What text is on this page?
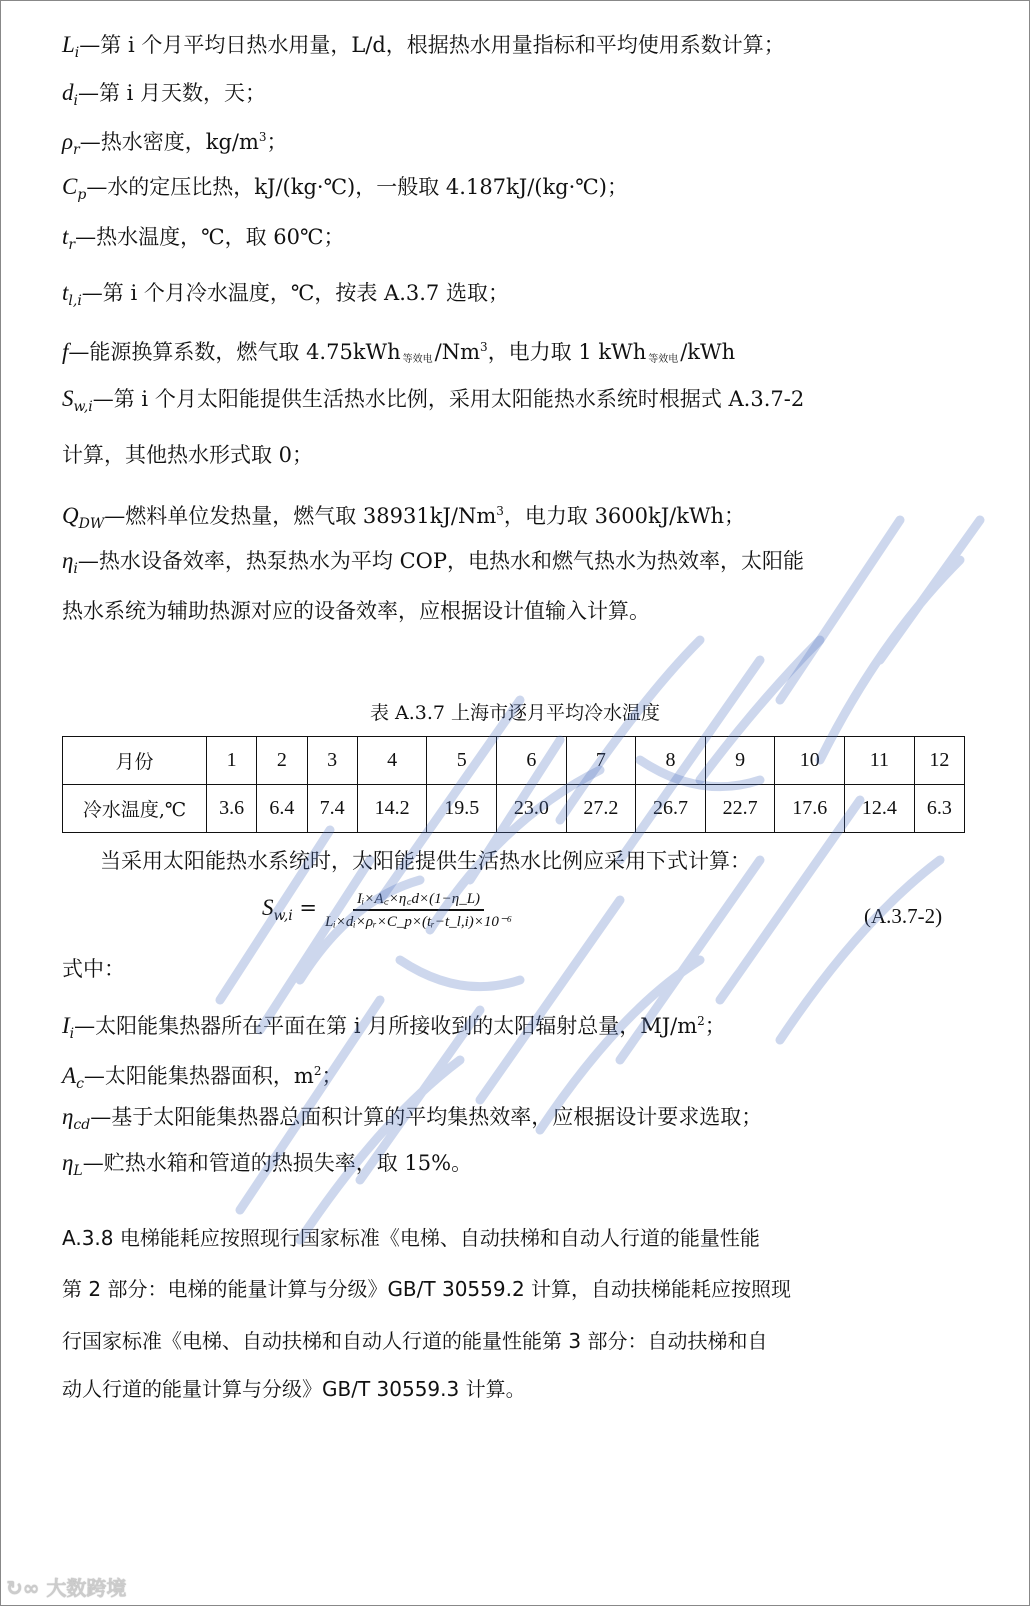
$L_i—$第 i 个月平均日热水用量，L/d，根据热水用量指标和平均使用系数计算；
$d_i—$第 i 月天数，天；
$\rho_r—$热水密度，$kg/m^3$；
$C_p—$水的定压比热，kJ/(kg·℃)，一般取 4.187kJ/(kg·℃)；
$t_r—$热水温度，℃，取 60℃；
$t_{l,i}—$第 i 个月冷水温度，℃，按表 A.3.7 选取；
f—能源换算系数，燃气取 4.75kWh 等效电/Nm$^3$，电力取 1 kWh 等效电/kWh
$S_{w,i}—$第 i 个月太阳能提供生活热水比例，采用太阳能热水系统时根据式 A.3.7-2
计算，其他热水形式取 0；
$Q_{DW}—$燃料单位发热量，燃气取 38931kJ/Nm$^3$，电力取 3600kJ/kWh；
$\eta_i—$热水设备效率，热泵热水为平均 COP，电热水和燃气热水为热效率，太阳能
热水系统为辅助热源对应的设备效率，应根据设计值输入计算。
表 A.3.7 上海市逐月平均冷水温度
月份	1	2	3	4	5	6	7	8	9	10	11	12
冷水温度,℃	3.6	6.4	7.4	14.2	19.5	23.0	27.2	26.7	22.7	17.6	12.4	6.3
当采用太阳能热水系统时，太阳能提供生活热水比例应采用下式计算：
$S_{w,i} = \frac{\text{Iᵢ×A꜀×η꜀d×(1−η\_L)}}{\text{Lᵢ×dᵢ×ρᵣ×C\_p×(tᵣ−t\_l,i)×10⁻⁶}}$	(A.3.7-2)
式中：
$I_i—$太阳能集热器所在平面在第 i 月所接收到的太阳辐射总量，$MJ/m^2$；
$A_c—$太阳能集热器面积，$m^2$；
$\eta_{cd}—$基于太阳能集热器总面积计算的平均集热效率，应根据设计要求选取；
$\eta_L—$贮热水箱和管道的热损失率，取 15%。
A.3.8 电梯能耗应按照现行国家标准《电梯、自动扶梯和自动人行道的能量性能
第 2 部分：电梯的能量计算与分级》GB/T 30559.2 计算，自动扶梯能耗应按照现
行国家标准《电梯、自动扶梯和自动人行道的能量性能第 3 部分：自动扶梯和自
动人行道的能量计算与分级》GB/T 30559.3 计算。
↻∞ 大数跨境
